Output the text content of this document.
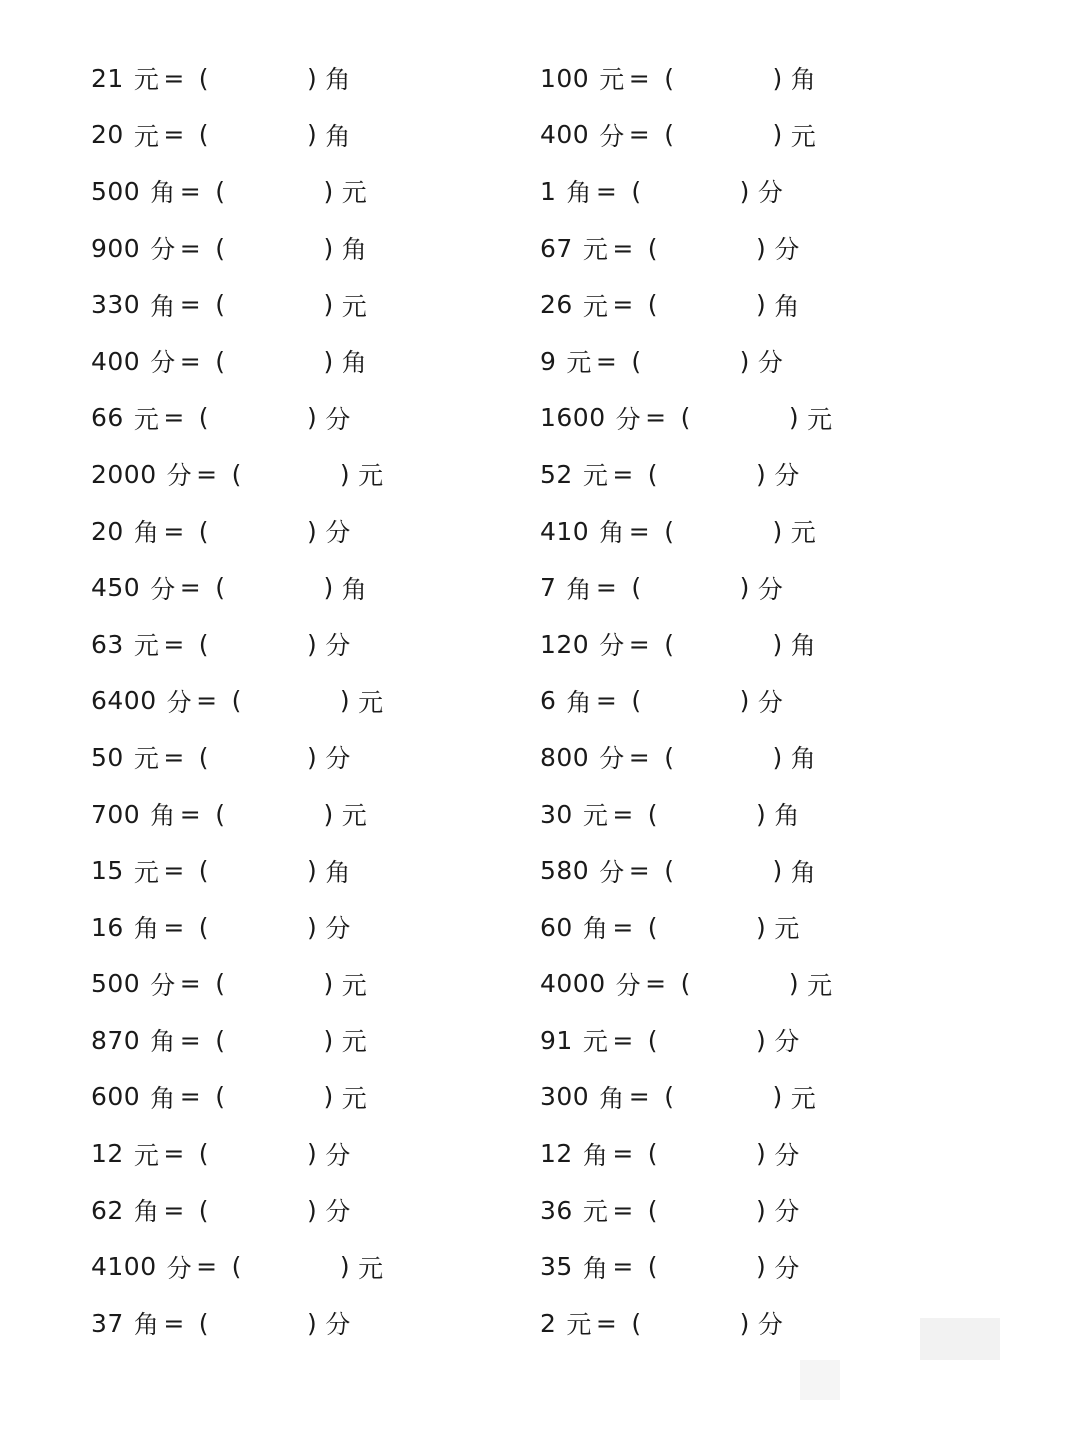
21 元 = (	) 角
20 元 = (	) 角
500 角 = (	) 元
900 分 = (	) 角
330 角 = (	) 元
400 分 = (	) 角
66 元 = (	) 分
2000 分 = (	) 元
20 角 = (	) 分
450 分 = (	) 角
63 元 = (	) 分
6400 分 = (	) 元
50 元 = (	) 分
700 角 = (	) 元
15 元 = (	) 角
16 角 = (	) 分
500 分 = (	) 元
870 角 = (	) 元
600 角 = (	) 元
12 元 = (	) 分
62 角 = (	) 分
4100 分 = (	) 元
37 角 = (	) 分
100 元 = (	) 角
400 分 = (	) 元
1 角 = (	) 分
67 元 = (	) 分
26 元 = (	) 角
9 元 = (	) 分
1600 分 = (	) 元
52 元 = (	) 分
410 角 = (	) 元
7 角 = (	) 分
120 分 = (	) 角
6 角 = (	) 分
800 分 = (	) 角
30 元 = (	) 角
580 分 = (	) 角
60 角 = (	) 元
4000 分 = (	) 元
91 元 = (	) 分
300 角 = (	) 元
12 角 = (	) 分
36 元 = (	) 分
35 角 = (	) 分
2 元 = (	) 分
